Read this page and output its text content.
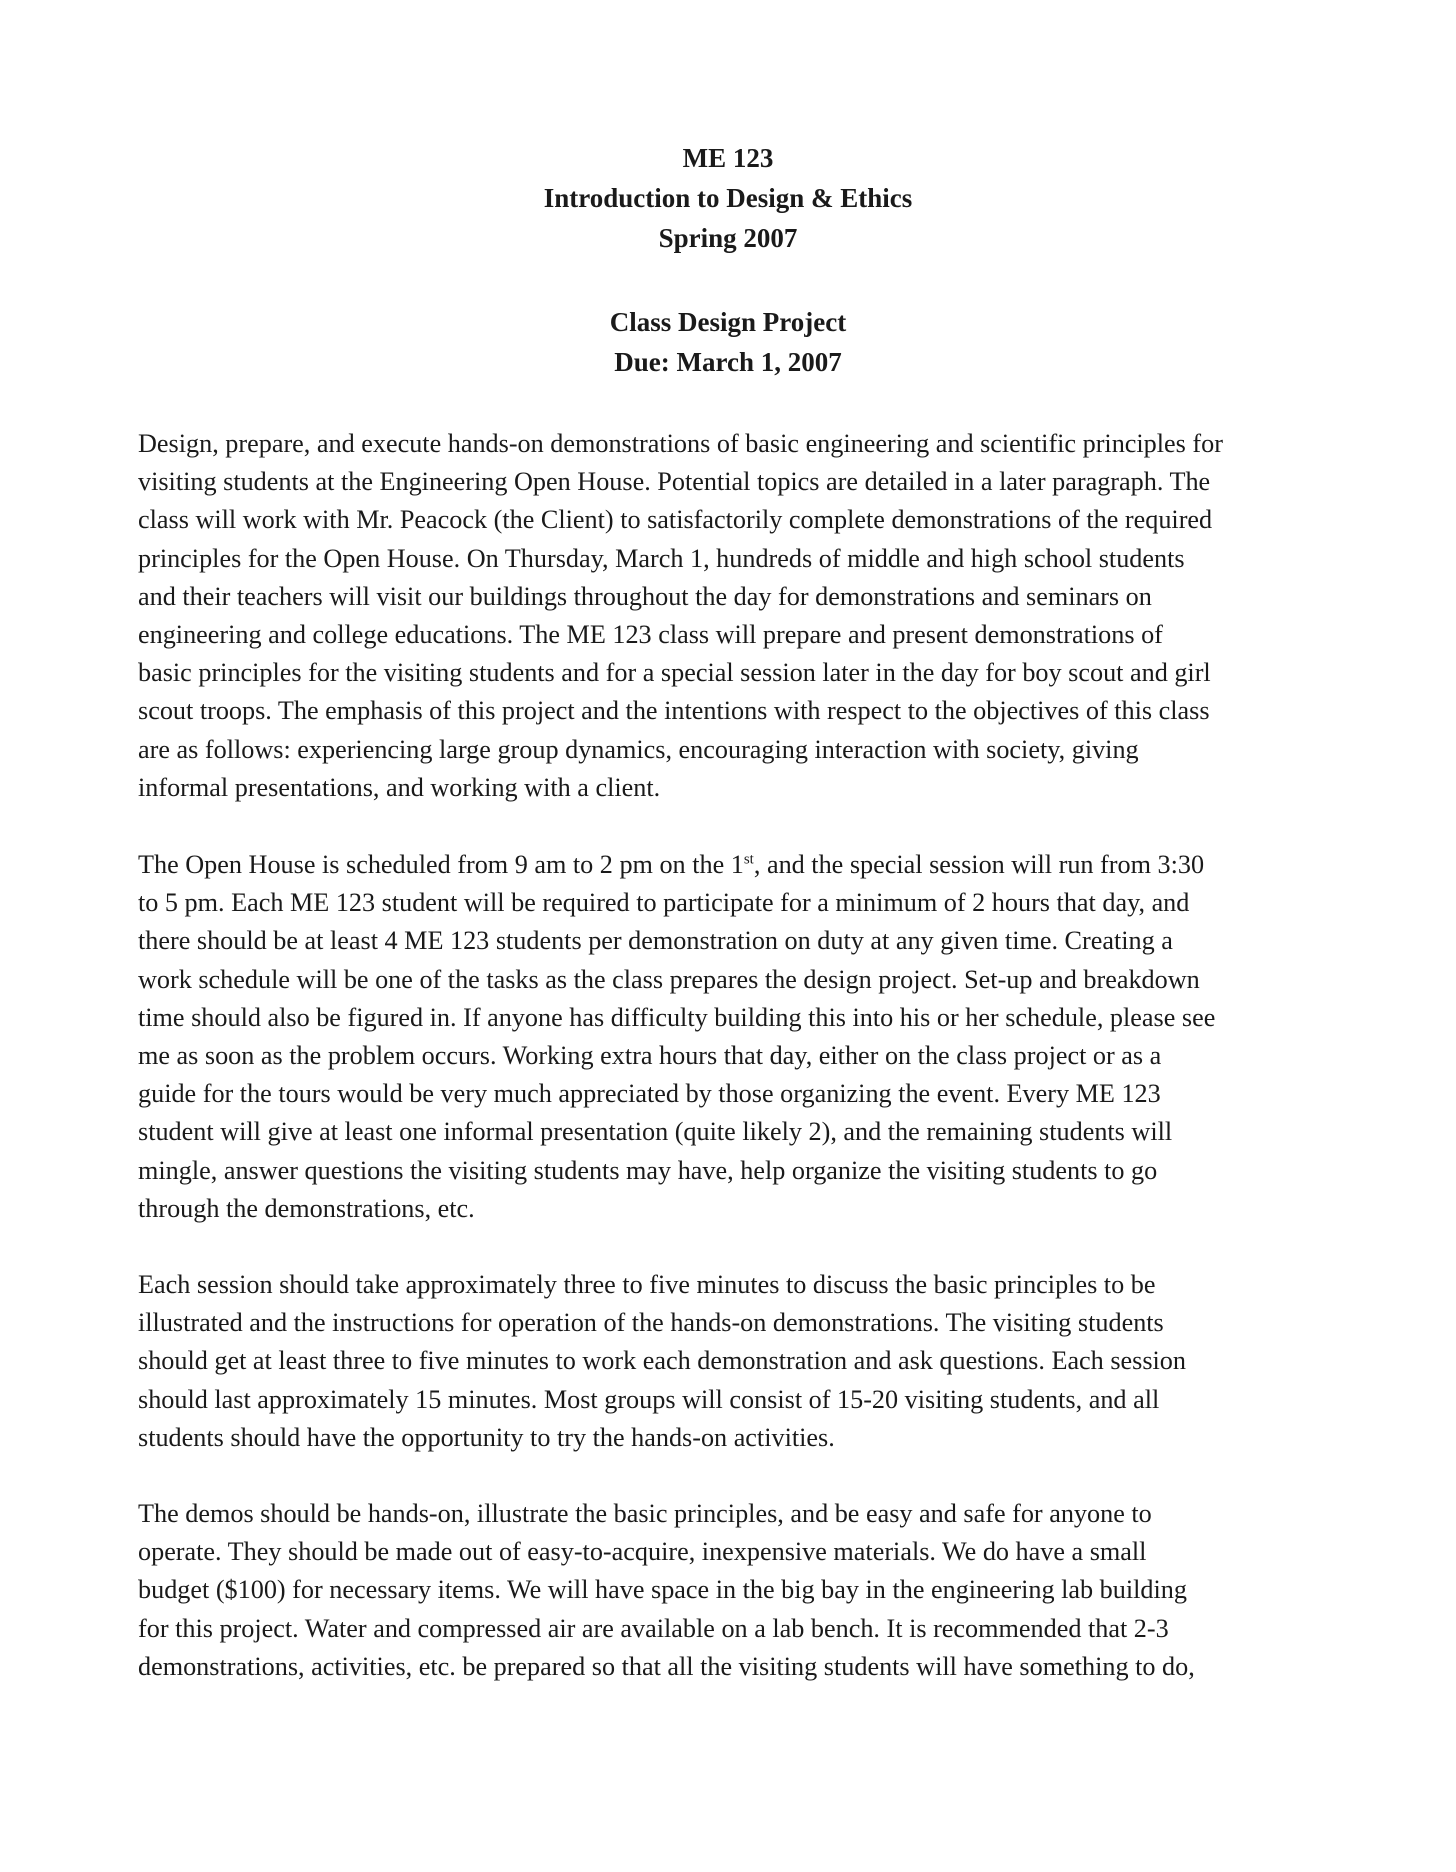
ME 123
Introduction to Design & Ethics
Spring 2007
Class Design Project
Due: March 1, 2007
Design, prepare, and execute hands-on demonstrations of basic engineering and scientific principles for
visiting students at the Engineering Open House. Potential topics are detailed in a later paragraph. The
class will work with Mr. Peacock (the Client) to satisfactorily complete demonstrations of the required
principles for the Open House. On Thursday, March 1, hundreds of middle and high school students
and their teachers will visit our buildings throughout the day for demonstrations and seminars on
engineering and college educations. The ME 123 class will prepare and present demonstrations of
basic principles for the visiting students and for a special session later in the day for boy scout and girl
scout troops. The emphasis of this project and the intentions with respect to the objectives of this class
are as follows: experiencing large group dynamics, encouraging interaction with society, giving
informal presentations, and working with a client.
The Open House is scheduled from 9 am to 2 pm on the 1st, and the special session will run from 3:30
to 5 pm. Each ME 123 student will be required to participate for a minimum of 2 hours that day, and
there should be at least 4 ME 123 students per demonstration on duty at any given time. Creating a
work schedule will be one of the tasks as the class prepares the design project. Set-up and breakdown
time should also be figured in. If anyone has difficulty building this into his or her schedule, please see
me as soon as the problem occurs. Working extra hours that day, either on the class project or as a
guide for the tours would be very much appreciated by those organizing the event. Every ME 123
student will give at least one informal presentation (quite likely 2), and the remaining students will
mingle, answer questions the visiting students may have, help organize the visiting students to go
through the demonstrations, etc.
Each session should take approximately three to five minutes to discuss the basic principles to be
illustrated and the instructions for operation of the hands-on demonstrations. The visiting students
should get at least three to five minutes to work each demonstration and ask questions. Each session
should last approximately 15 minutes. Most groups will consist of 15-20 visiting students, and all
students should have the opportunity to try the hands-on activities.
The demos should be hands-on, illustrate the basic principles, and be easy and safe for anyone to
operate. They should be made out of easy-to-acquire, inexpensive materials. We do have a small
budget ($100) for necessary items. We will have space in the big bay in the engineering lab building
for this project. Water and compressed air are available on a lab bench. It is recommended that 2-3
demonstrations, activities, etc. be prepared so that all the visiting students will have something to do,
